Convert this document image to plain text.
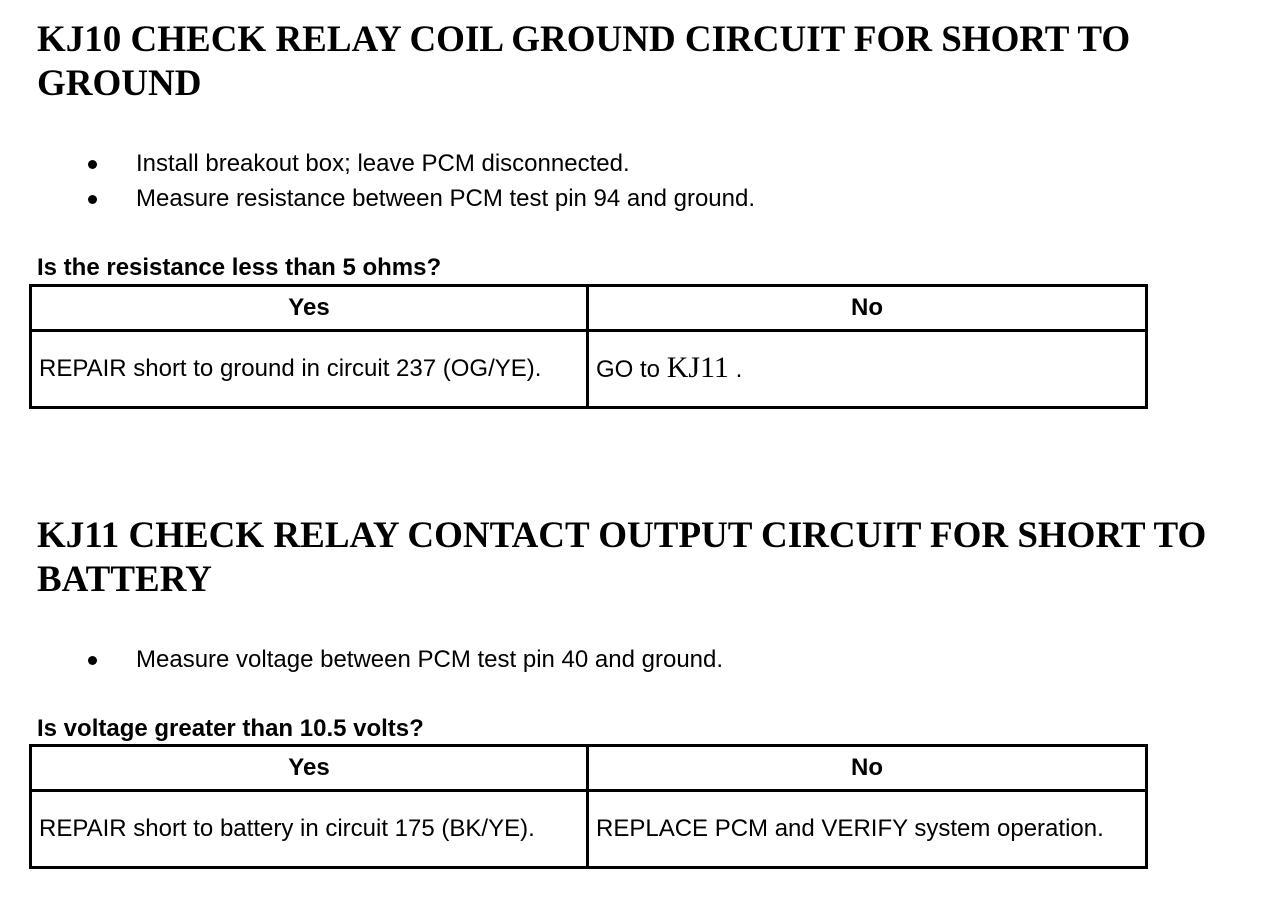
KJ10 CHECK RELAY COIL GROUND CIRCUIT FOR SHORT TO GROUND
Install breakout box; leave PCM disconnected.
Measure resistance between PCM test pin 94 and ground.

Is the resistance less than 5 ohms?

Yes	No
REPAIR short to ground in circuit 237 (OG/YE).	GO to KJ11 .
KJ11 CHECK RELAY CONTACT OUTPUT CIRCUIT FOR SHORT TO BATTERY
Measure voltage between PCM test pin 40 and ground.

Is voltage greater than 10.5 volts?

Yes	No
REPAIR short to battery in circuit 175 (BK/YE).	REPLACE PCM and VERIFY system operation.
